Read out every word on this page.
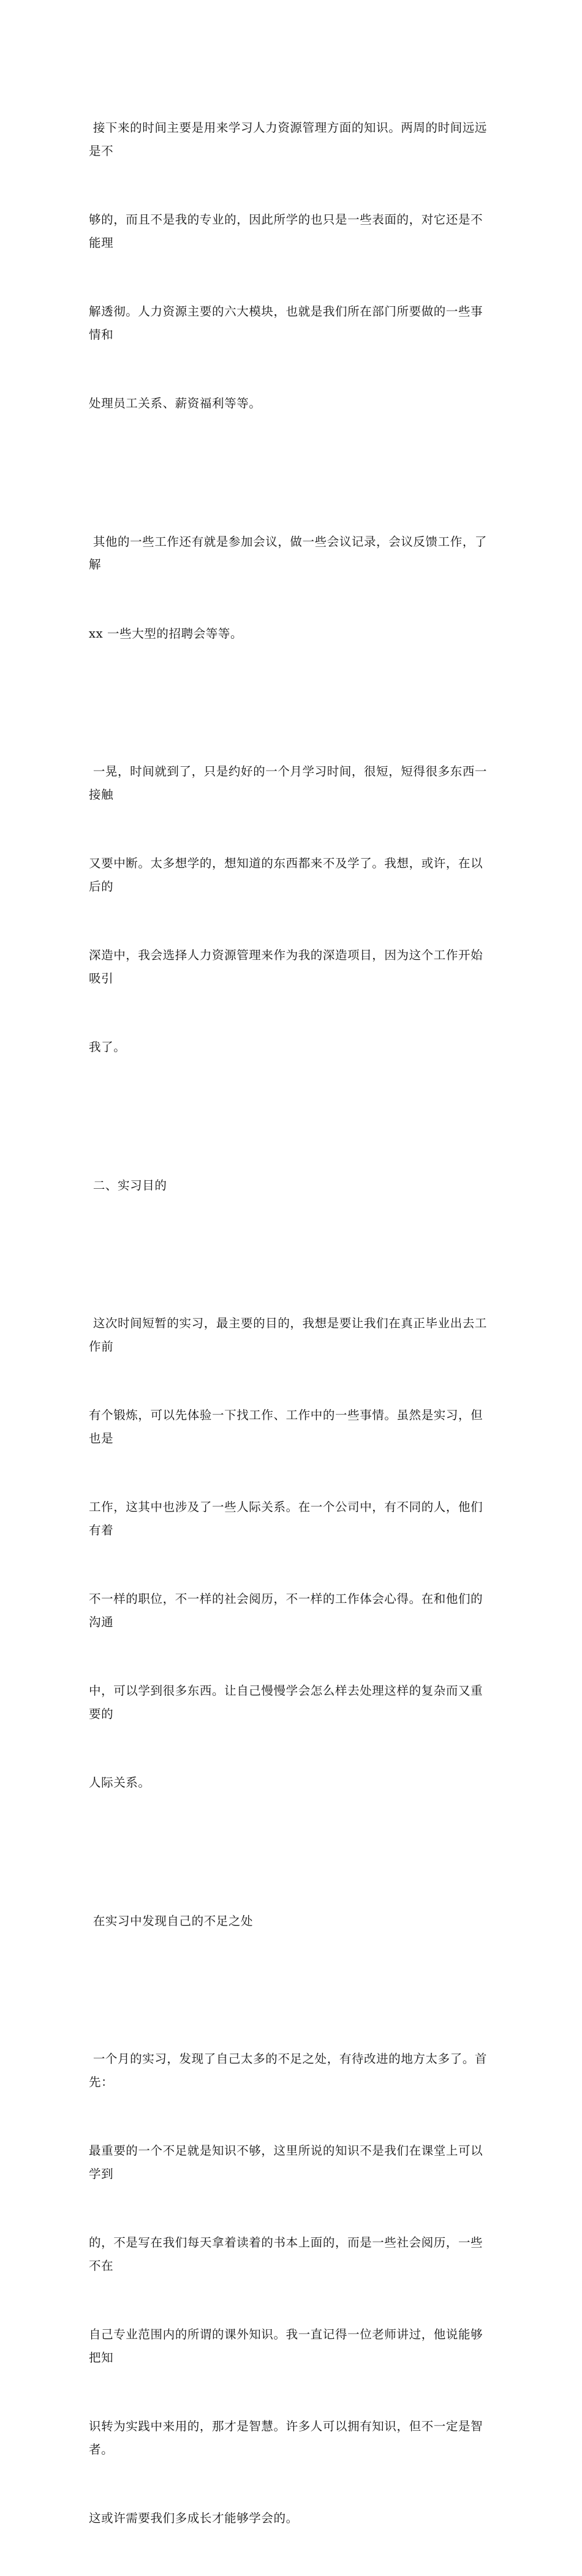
接下来的时间主要是用来学习人力资源管理方面的知识。两周的时间远远是不

够的，而且不是我的专业的，因此所学的也只是一些表面的，对它还是不能理

解透彻。人力资源主要的六大模块，也就是我们所在部门所要做的一些事情和

处理员工关系、薪资福利等等。

其他的一些工作还有就是参加会议，做一些会议记录，会议反馈工作，了解

xx 一些大型的招聘会等等。

一晃，时间就到了，只是约好的一个月学习时间，很短，短得很多东西一接触

又要中断。太多想学的，想知道的东西都来不及学了。我想，或许，在以后的

深造中，我会选择人力资源管理来作为我的深造项目，因为这个工作开始吸引

我了。

二、实习目的

这次时间短暂的实习，最主要的目的，我想是要让我们在真正毕业出去工作前

有个锻炼，可以先体验一下找工作、工作中的一些事情。虽然是实习，但也是

工作，这其中也涉及了一些人际关系。在一个公司中，有不同的人，他们有着

不一样的职位，不一样的社会阅历，不一样的工作体会心得。在和他们的沟通

中，可以学到很多东西。让自己慢慢学会怎么样去处理这样的复杂而又重要的

人际关系。

在实习中发现自己的不足之处

一个月的实习，发现了自己太多的不足之处，有待改进的地方太多了。首先：

最重要的一个不足就是知识不够，这里所说的知识不是我们在课堂上可以学到

的，不是写在我们每天拿着读着的书本上面的，而是一些社会阅历，一些不在

自己专业范围内的所谓的课外知识。我一直记得一位老师讲过，他说能够把知

识转为实践中来用的，那才是智慧。许多人可以拥有知识，但不一定是智者。

这或许需要我们多成长才能够学会的。
